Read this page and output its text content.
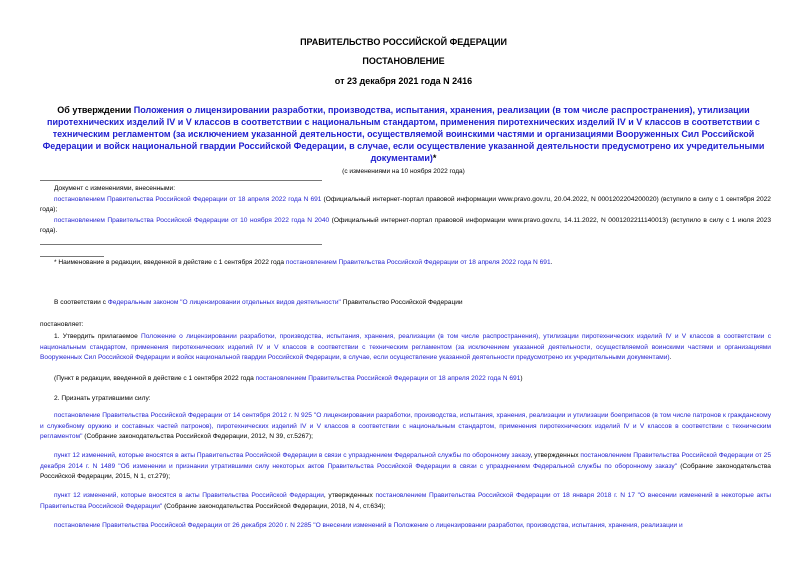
ПРАВИТЕЛЬСТВО РОССИЙСКОЙ ФЕДЕРАЦИИ
ПОСТАНОВЛЕНИЕ
от 23 декабря 2021 года N 2416
Об утверждении Положения о лицензировании разработки, производства, испытания, хранения, реализации (в том числе распространения), утилизации пиротехнических изделий IV и V классов в соответствии с национальным стандартом, применения пиротехнических изделий IV и V классов в соответствии с техническим регламентом (за исключением указанной деятельности, осуществляемой воинскими частями и организациями Вооруженных Сил Российской Федерации и войск национальной гвардии Российской Федерации, в случае, если осуществление указанной деятельности предусмотрено их учредительными документами)*
(с изменениями на 10 ноября 2022 года)
Документ с изменениями, внесенными:
постановлением Правительства Российской Федерации от 18 апреля 2022 года N 691 (Официальный интернет-портал правовой информации www.pravo.gov.ru, 20.04.2022, N 0001202204200020) (вступило в силу с 1 сентября 2022 года);
постановлением Правительства Российской Федерации от 10 ноября 2022 года N 2040 (Официальный интернет-портал правовой информации www.pravo.gov.ru, 14.11.2022, N 0001202211140013) (вступило в силу с 1 июля 2023 года).
* Наименование в редакции, введенной в действие с 1 сентября 2022 года постановлением Правительства Российской Федерации от 18 апреля 2022 года N 691.
В соответствии с Федеральным законом "О лицензировании отдельных видов деятельности" Правительство Российской Федерации
постановляет:
1. Утвердить прилагаемое Положение о лицензировании разработки, производства, испытания, хранения, реализации (в том числе распространения), утилизации пиротехнических изделий IV и V классов в соответствии с национальным стандартом, применения пиротехнических изделий IV и V классов в соответствии с техническим регламентом (за исключением указанной деятельности, осуществляемой воинскими частями и организациями Вооруженных Сил Российской Федерации и войск национальной гвардии Российской Федерации, в случае, если осуществление указанной деятельности предусмотрено их учредительными документами).
(Пункт в редакции, введенной в действие с 1 сентября 2022 года постановлением Правительства Российской Федерации от 18 апреля 2022 года N 691)
2. Признать утратившими силу:
постановление Правительства Российской Федерации от 14 сентября 2012 г. N 925 "О лицензировании разработки, производства, испытания, хранения, реализации и утилизации боеприпасов (в том числе патронов к гражданскому и служебному оружию и составных частей патронов), пиротехнических изделий IV и V классов в соответствии с национальным стандартом, применения пиротехнических изделий IV и V классов в соответствии с техническим регламентом" (Собрание законодательства Российской Федерации, 2012, N 39, ст.5267);
пункт 12 изменений, которые вносятся в акты Правительства Российской Федерации в связи с упразднением Федеральной службы по оборонному заказу, утвержденных постановлением Правительства Российской Федерации от 25 декабря 2014 г. N 1489 "Об изменении и признании утратившими силу некоторых актов Правительства Российской Федерации в связи с упразднением Федеральной службы по оборонному заказу" (Собрание законодательства Российской Федерации, 2015, N 1, ст.279);
пункт 12 изменений, которые вносятся в акты Правительства Российской Федерации, утвержденных постановлением Правительства Российской Федерации от 18 января 2018 г. N 17 "О внесении изменений в некоторые акты Правительства Российской Федерации" (Собрание законодательства Российской Федерации, 2018, N 4, ст.634);
постановление Правительства Российской Федерации от 26 декабря 2020 г. N 2285 "О внесении изменений в Положение о лицензировании разработки, производства, испытания, хранения, реализации и
